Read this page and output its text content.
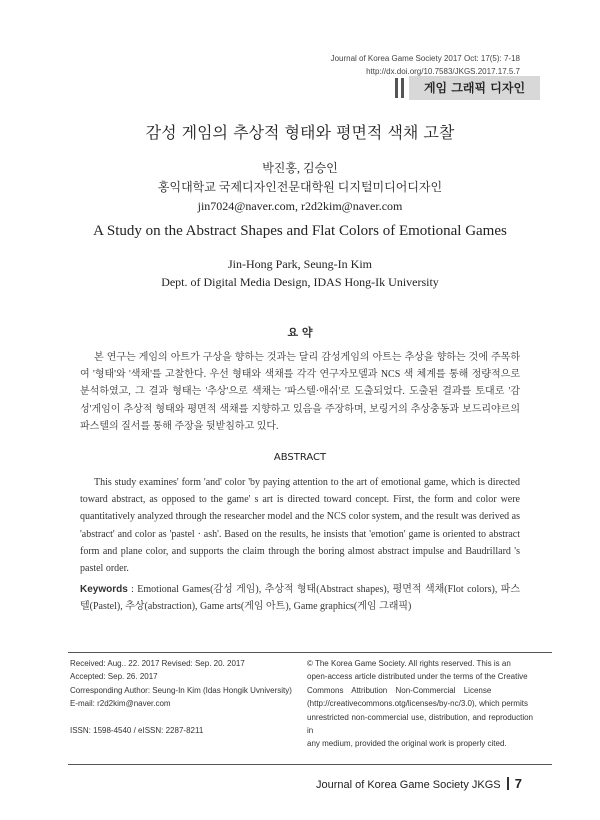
Journal of Korea Game Society 2017 Oct: 17(5): 7-18
http://dx.doi.org/10.7583/JKGS.2017.17.5.7
게임 그래픽 디자인
감성 게임의 추상적 형태와 평면적 색채 고찰
박진홍, 김승인
홍익대학교 국제디자인전문대학원 디지털미디어디자인
jin7024@naver.com, r2d2kim@naver.com
A Study on the Abstract Shapes and Flat Colors of Emotional Games
Jin-Hong Park, Seung-In Kim
Dept. of Digital Media Design, IDAS Hong-Ik University
요 약

본 연구는 게임의 아트가 구상을 향하는 것과는 달리 감성게임의 아트는 추상을 향하는 것에 주목하여 '형태'와 '색채'를 고찰한다. 우선 형태와 색채를 각각 연구자모델과 NCS 색 체계를 통해 정량적으로 분석하였고, 그 결과 형태는 '추상'으로 색채는 '파스텔·애쉬'로 도출되었다. 도출된 결과를 토대로 '감성'게임이 추상적 형태와 평면적 색채를 지향하고 있음을 주장하며, 보링거의 추상충동과 보드리야르의 파스텔의 질서를 통해 주장을 뒷받침하고 있다.

ABSTRACT

This study examines' form 'and' color 'by paying attention to the art of emotional game, which is directed toward abstract, as opposed to the game' s art is directed toward concept. First, the form and color were quantitatively analyzed through the researcher model and the NCS color system, and the result was derived as 'abstract' and color as 'pastel · ash'. Based on the results, he insists that 'emotion' game is oriented to abstract form and plane color, and supports the claim through the boring almost abstract impulse and Baudrillard 's pastel order.

Keywords : Emotional Games(감성 게임), 추상적 형태(Abstract shapes), 평면적 색채(Flot colors), 파스텔(Pastel), 추상(abstraction), Game arts(게임 아트), Game graphics(게임 그래픽)
Received: Aug.. 22. 2017 Revised: Sep. 20. 2017
Accepted: Sep. 26. 2017
Corresponding Author: Seung-In Kim (Idas Hongik Uvniversity)
E-mail: r2d2kim@naver.com
ISSN: 1598-4540 / eISSN: 2287-8211
© The Korea Game Society. All rights reserved. This is an
open-access article distributed under the terms of the Creative
Commons Attribution Non-Commercial License
(http://creativecommons.otg/licenses/by-nc/3.0), which permits
unrestricted non-commercial use, distribution, and reproduction in
any medium, provided the original work is properly cited.
Journal of Korea Game Society JKGS 7
